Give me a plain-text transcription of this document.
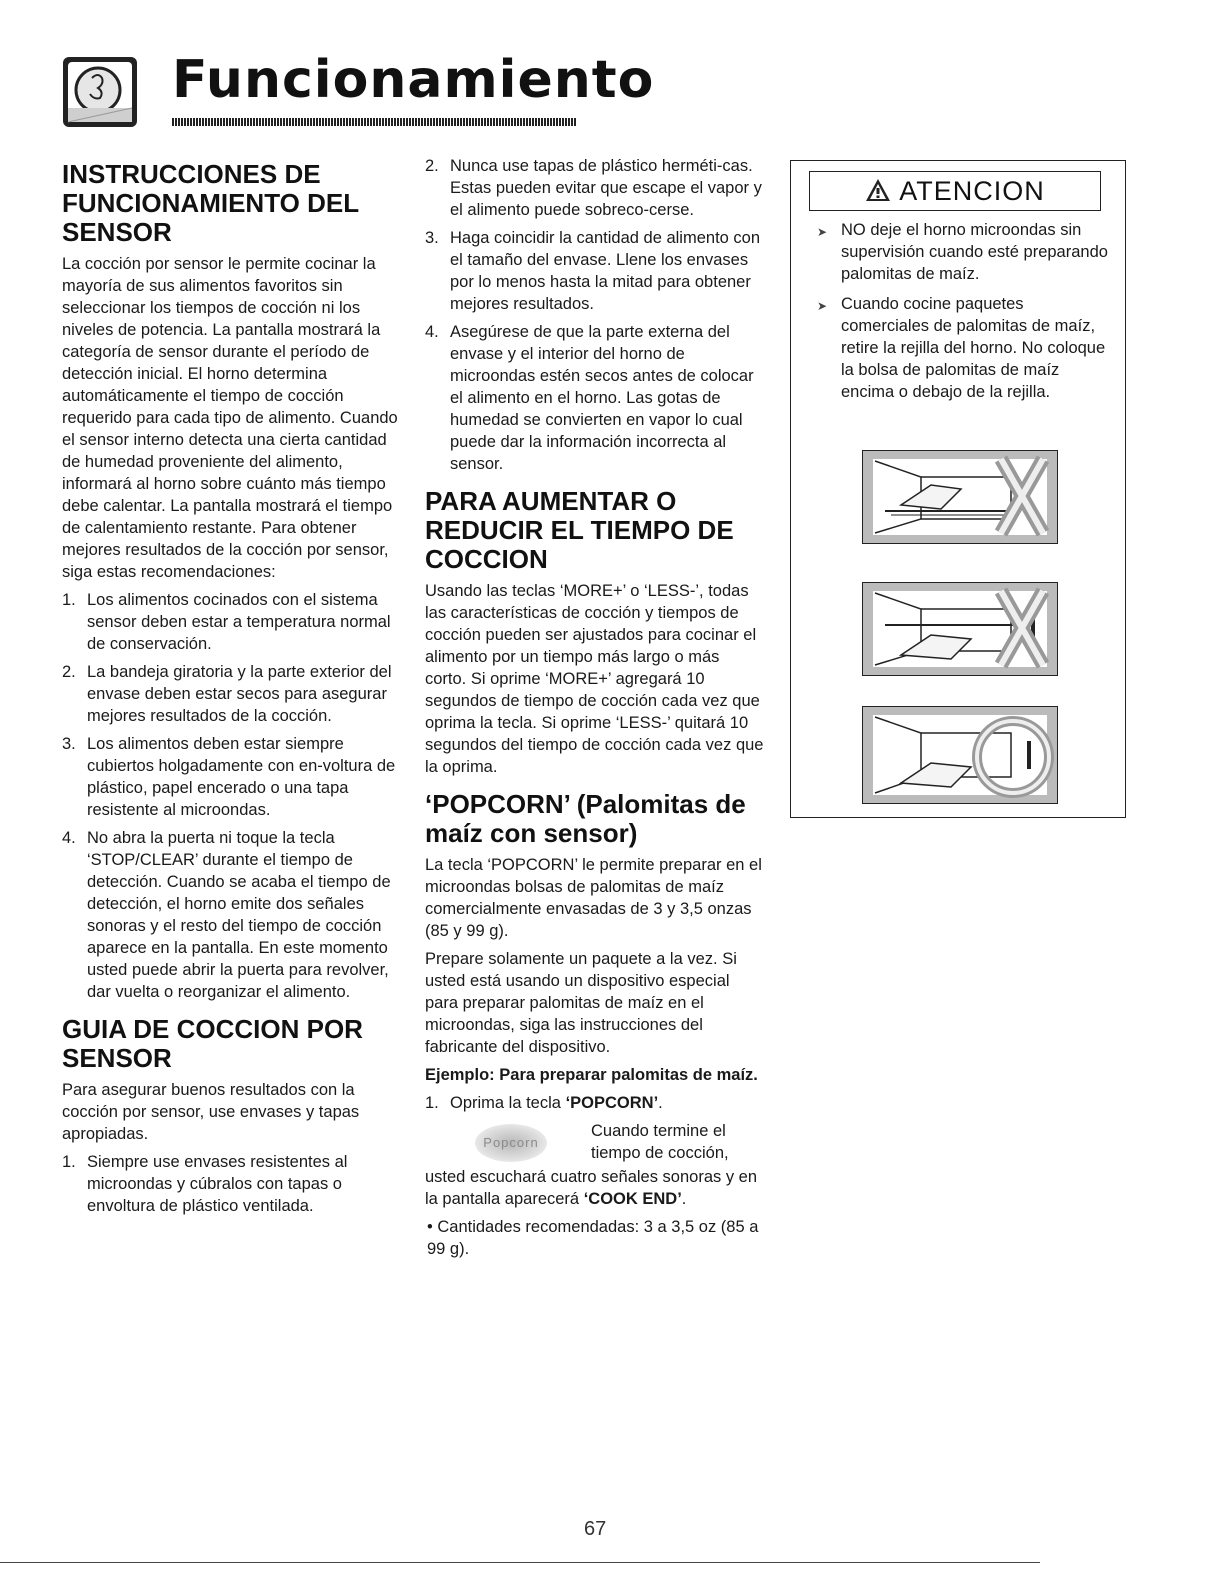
Funcionamiento
INSTRUCCIONES DE FUNCIONAMIENTO DEL SENSOR

La cocción por sensor le permite cocinar la mayoría de sus alimentos favoritos sin seleccionar los tiempos de cocción ni los niveles de potencia. La pantalla mostrará la categoría de sensor durante el período de detección inicial. El horno determina automáticamente el tiempo de cocción requerido para cada tipo de alimento. Cuando el sensor interno detecta una cierta cantidad de humedad proveniente del alimento, informará al horno sobre cuánto más tiempo debe calentar. La pantalla mostrará el tiempo de calentamiento restante. Para obtener mejores resultados de la cocción por sensor, siga estas recomendaciones:

1. Los alimentos cocinados con el sistema sensor deben estar a temperatura normal de conservación.
2. La bandeja giratoria y la parte exterior del envase deben estar secos para asegurar mejores resultados de la cocción.
3. Los alimentos deben estar siempre cubiertos holgadamente con en-voltura de plástico, papel encerado o una tapa resistente al microondas.
4. No abra la puerta ni toque la tecla ‘STOP/CLEAR’ durante el tiempo de detección. Cuando se acaba el tiempo de detección, el horno emite dos señales sonoras y el resto del tiempo de cocción aparece en la pantalla. En este momento usted puede abrir la puerta para revolver, dar vuelta o reorganizar el alimento.
GUIA DE COCCION POR SENSOR

Para asegurar buenos resultados con la cocción por sensor, use envases y tapas apropiadas.

1. Siempre use envases resistentes al microondas y cúbralos con tapas o envoltura de plástico ventilada.
2. Nunca use tapas de plástico herméti-cas. Estas pueden evitar que escape el vapor y el alimento puede sobreco-cerse.
3. Haga coincidir la cantidad de alimento con el tamaño del envase. Llene los envases por lo menos hasta la mitad para obtener mejores resultados.
4. Asegúrese de que la parte externa del envase y el interior del horno de microondas estén secos antes de colocar el alimento en el horno. Las gotas de humedad se convierten en vapor lo cual puede dar la información incorrecta al sensor.
PARA AUMENTAR O REDUCIR EL TIEMPO DE COCCION

Usando las teclas ‘MORE+’ o ‘LESS-’, todas las características de cocción y tiempos de cocción pueden ser ajustados para cocinar el alimento por un tiempo más largo o más corto. Si oprime ‘MORE+’ agregará 10 segundos de tiempo de cocción cada vez que oprima la tecla. Si oprime ‘LESS-’ quitará 10 segundos del tiempo de cocción cada vez que la oprima.

‘POPCORN’ (Palomitas de maíz con sensor)

La tecla ‘POPCORN’ le permite preparar en el microondas bolsas de palomitas de maíz comercialmente envasadas de 3 y 3,5 onzas (85 y 99 g).

Prepare solamente un paquete a la vez. Si usted está usando un dispositivo especial para preparar palomitas de maíz en el microondas, siga las instrucciones del fabricante del dispositivo.

Ejemplo: Para preparar palomitas de maíz.
1. Oprima la tecla ‘POPCORN’.
Popcorn
Cuando termine el tiempo de cocción,

usted escuchará cuatro señales sonoras y en la pantalla aparecerá ‘COOK END’.

• Cantidades recomendadas: 3 a 3,5 oz (85 a 99 g).

ATENCION
➤ NO deje el horno microondas sin supervisión cuando esté preparando palomitas de maíz.
➤ Cuando cocine paquetes comerciales de palomitas de maíz, retire la rejilla del horno. No coloque la bolsa de palomitas de maíz encima o debajo de la rejilla.
67
